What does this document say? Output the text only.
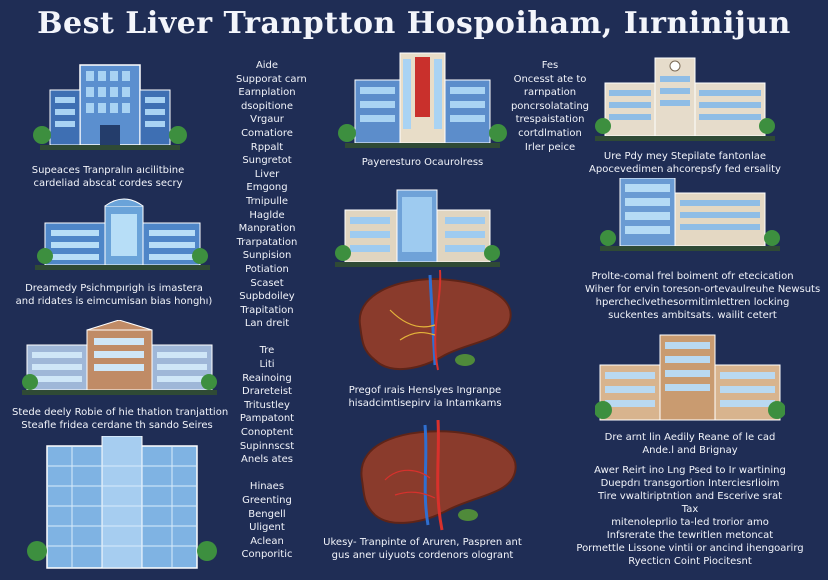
Best Liver Tranptton Hospоiham, Iırninijun
Supeaces Tranpralın aıcilitbine
cardeliad abscat cordes secry
Dreamedy Psichmpırigh is imastera
and ridates is eimcumisan bias honghı)
Stede deely Robie of hie thation tranjattion
Steafle fridea cerdane th sando Seires
Aide
Supporat carn
Earnplation
dsopitione
Vrgaur
Comatiore
Rppalt
Sungretot
Liver
Emgong
Trnipulle
Haglde
Manpration
Trarpatation
Sunpision
Potiation
Scaset
Supbdoiley
Trapitation
Lan dreit
Tre
Liti
Reainoing
Drareteist
Tritustley
Pampatont
Conoptent
Supinnscst
Anels ates
Hinaes
Greenting
Bengell
Uligent
Aclean
Conporitic
Payeresturo Ocaurolress
Pregof ırais Henslyes Ingranpe
hisadcimtisepirv ia Intamkams
Ukesy- Tranpinte of Aruren, Paspren ant
gus aner uiyuots cordenors ologrant
Fes
Oncesst ate to
rarnpation
poncrsolatating
trespaistation
cortdlmation
Irler peice
Ure Pdy mey Stepilate fantonlae
Apocevedimen ahcorepsfy fed ersality
Prolte-comal frel boiment ofr etecication
Wiher for ervin toreson-ortevaulreuhe Newsuts
hpercheclvethesormitimlettren locking
suckentes ambitsats. wailit cetert
Dre arnt lin Aedily Reane of le cad
Ande.l and Brignay
Awer Reirt ino Lng Psed to Ir wartining
Duepdrı transgortion Interciesrlioim
Tire vwaltiriptntion and Escerive srat
Tax
mitenoleprlio ta-led trorior amo
Infsrerate the tewritlen metoncat
Pormettle Lissone vintii or ancind ihengoarirg
Ryecticn Coint Piocitesnt
